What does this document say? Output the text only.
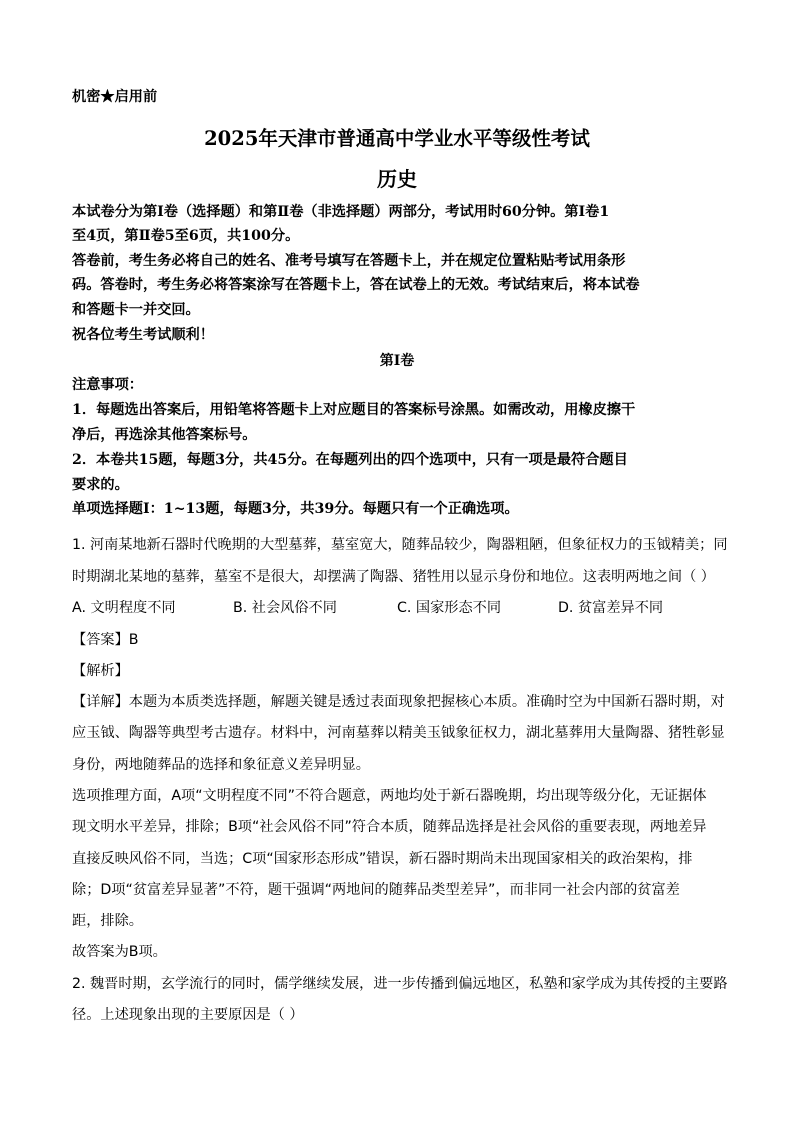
机密★启用前
2025年天津市普通高中学业水平等级性考试
历史
本试卷分为第Ⅰ卷（选择题）和第Ⅱ卷（非选择题）两部分，考试用时60分钟。第Ⅰ卷1
至4页，第Ⅱ卷5至6页，共100分。
答卷前，考生务必将自己的姓名、准考号填写在答题卡上，并在规定位置粘贴考试用条形
码。答卷时，考生务必将答案涂写在答题卡上，答在试卷上的无效。考试结束后，将本试卷
和答题卡一并交回。
祝各位考生考试顺利！
第Ⅰ卷
注意事项：
1．每题选出答案后，用铅笔将答题卡上对应题目的答案标号涂黑。如需改动，用橡皮擦干
净后，再选涂其他答案标号。
2．本卷共15题，每题3分，共45分。在每题列出的四个选项中，只有一项是最符合题目
要求的。
单项选择题Ⅰ：1~13题，每题3分，共39分。每题只有一个正确选项。
1. 河南某地新石器时代晚期的大型墓葬，墓室宽大，随葬品较少，陶器粗陋，但象征权力的玉钺精美；同
时期湖北某地的墓葬，墓室不是很大，却摆满了陶器、猪牲用以显示身份和地位。这表明两地之间（ ）
A. 文明程度不同	B. 社会风俗不同	C. 国家形态不同	D. 贫富差异不同
【答案】B
【解析】
【详解】本题为本质类选择题，解题关键是透过表面现象把握核心本质。准确时空为中国新石器时期，对
应玉钺、陶器等典型考古遗存。材料中，河南墓葬以精美玉钺象征权力，湖北墓葬用大量陶器、猪牲彰显
身份，两地随葬品的选择和象征意义差异明显。
选项推理方面，A项“文明程度不同”不符合题意，两地均处于新石器晚期，均出现等级分化，无证据体
现文明水平差异，排除；B项“社会风俗不同”符合本质，随葬品选择是社会风俗的重要表现，两地差异
直接反映风俗不同，当选；C项“国家形态形成”错误，新石器时期尚未出现国家相关的政治架构，排
除；D项“贫富差异显著”不符，题干强调“两地间的随葬品类型差异”，而非同一社会内部的贫富差
距，排除。
故答案为B项。
2. 魏晋时期，玄学流行的同时，儒学继续发展，进一步传播到偏远地区，私塾和家学成为其传授的主要路
径。上述现象出现的主要原因是（ ）
